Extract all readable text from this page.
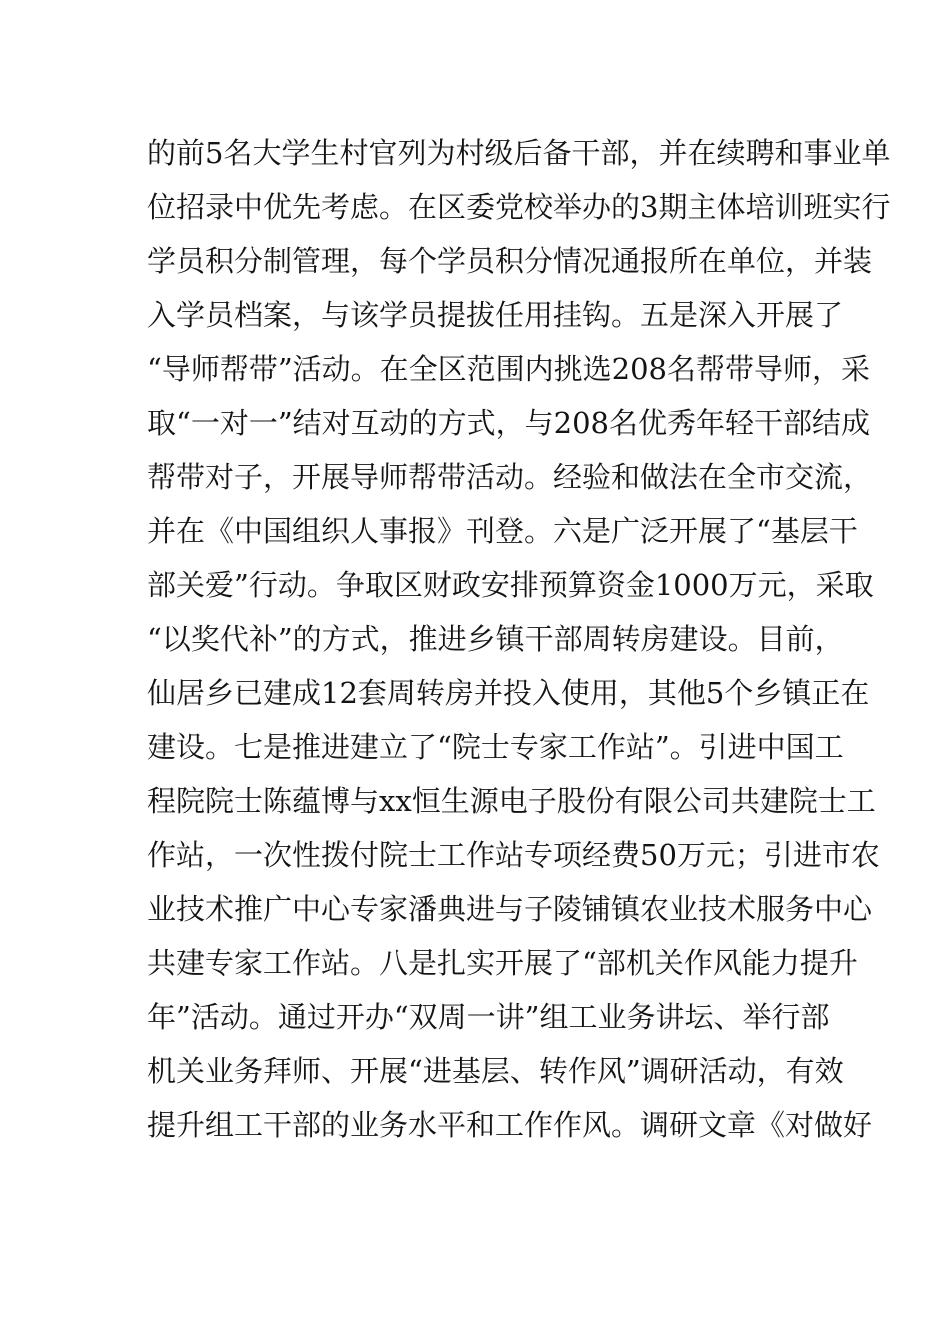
的前5名大学生村官列为村级后备干部，并在续聘和事业单
位招录中优先考虑。在区委党校举办的3期主体培训班实行
学员积分制管理，每个学员积分情况通报所在单位，并装
入学员档案，与该学员提拔任用挂钩。五是深入开展了
“导师帮带”活动。在全区范围内挑选208名帮带导师，采
取“一对一”结对互动的方式，与208名优秀年轻干部结成
帮带对子，开展导师帮带活动。经验和做法在全市交流，
并在《中国组织人事报》刊登。六是广泛开展了“基层干
部关爱”行动。争取区财政安排预算资金1000万元，采取
“以奖代补”的方式，推进乡镇干部周转房建设。目前，
仙居乡已建成12套周转房并投入使用，其他5个乡镇正在
建设。七是推进建立了“院士专家工作站”。引进中国工
程院院士陈蕴博与xx恒生源电子股份有限公司共建院士工
作站，一次性拨付院士工作站专项经费50万元；引进市农
业技术推广中心专家潘典进与子陵铺镇农业技术服务中心
共建专家工作站。八是扎实开展了“部机关作风能力提升
年”活动。通过开办“双周一讲”组工业务讲坛、举行部
机关业务拜师、开展“进基层、转作风”调研活动，有效
提升组工干部的业务水平和工作作风。调研文章《对做好
